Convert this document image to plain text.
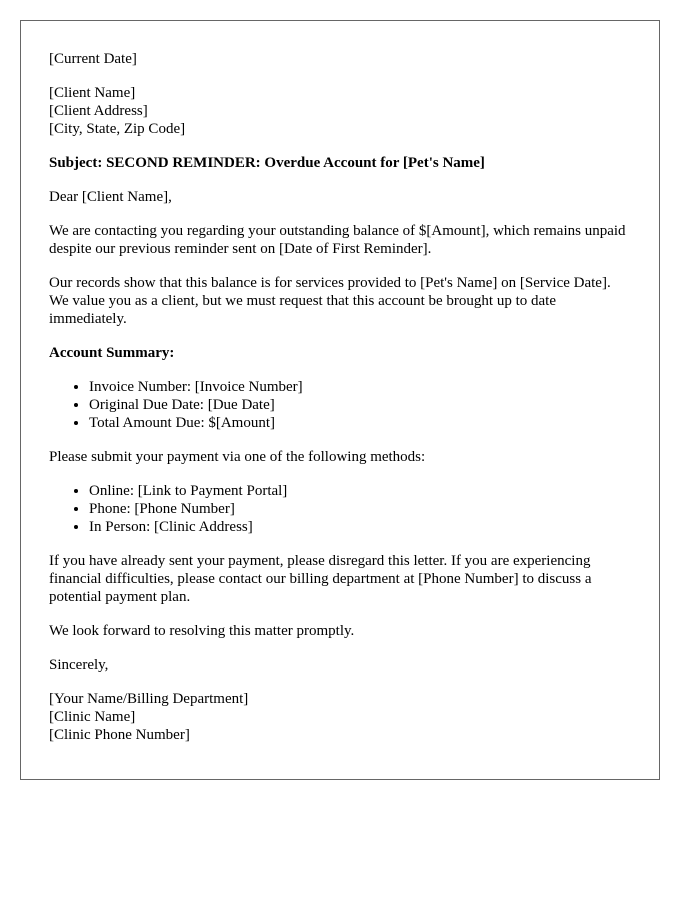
[Current Date]
[Client Name]
[Client Address]
[City, State, Zip Code]

Subject: SECOND REMINDER: Overdue Account for [Pet's Name]

Dear [Client Name],

We are contacting you regarding your outstanding balance of $[Amount], which remains unpaid despite our previous reminder sent on [Date of First Reminder].

Our records show that this balance is for services provided to [Pet's Name] on [Service Date]. We value you as a client, but we must request that this account be brought up to date immediately.

Account Summary:

• Invoice Number: [Invoice Number]
• Original Due Date: [Due Date]
• Total Amount Due: $[Amount]

Please submit your payment via one of the following methods:

• Online: [Link to Payment Portal]
• Phone: [Phone Number]
• In Person: [Clinic Address]

If you have already sent your payment, please disregard this letter. If you are experiencing financial difficulties, please contact our billing department at [Phone Number] to discuss a potential payment plan.

We look forward to resolving this matter promptly.

Sincerely,

[Your Name/Billing Department]
[Clinic Name]
[Clinic Phone Number]
